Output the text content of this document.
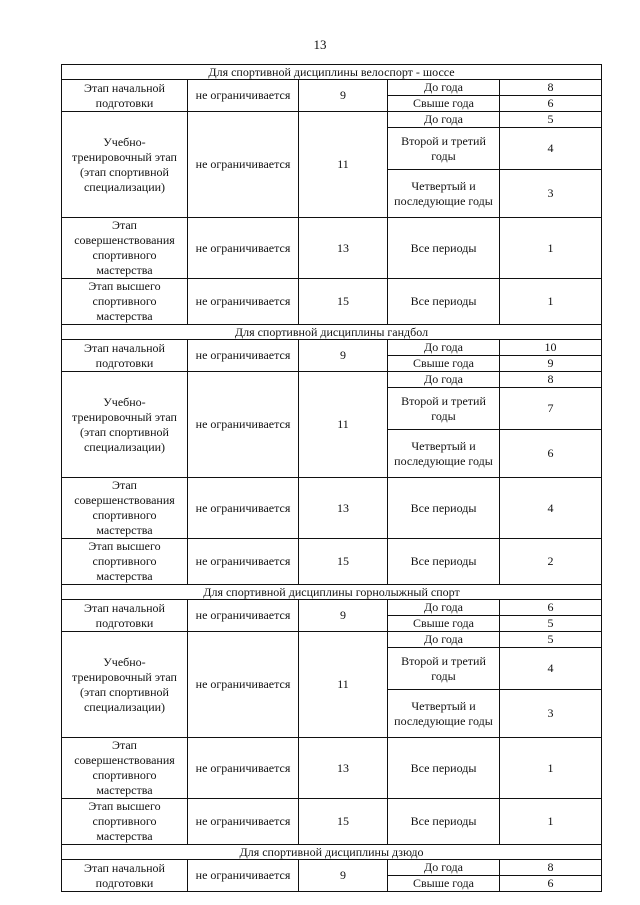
13
Для спортивной дисциплины велоспорт - шоссе				
Этап начальной подготовки	не ограничивается	9	До года	8
			Свыше года	6
Учебно-тренировочный этап (этап спортивной специализации)	не ограничивается	11	До года	5
			Второй и третий годы	4
			Четвертый и последующие годы	3
Этап совершенствования спортивного мастерства	не ограничивается	13	Все периоды	1
Этап высшего спортивного мастерства	не ограничивается	15	Все периоды	1
Для спортивной дисциплины гандбол				
Этап начальной подготовки	не ограничивается	9	До года	10
			Свыше года	9
Учебно-тренировочный этап (этап спортивной специализации)	не ограничивается	11	До года	8
			Второй и третий годы	7
			Четвертый и последующие годы	6
Этап совершенствования спортивного мастерства	не ограничивается	13	Все периоды	4
Этап высшего спортивного мастерства	не ограничивается	15	Все периоды	2
Для спортивной дисциплины горнолыжный спорт				
Этап начальной подготовки	не ограничивается	9	До года	6
			Свыше года	5
Учебно-тренировочный этап (этап спортивной специализации)	не ограничивается	11	До года	5
			Второй и третий годы	4
			Четвертый и последующие годы	3
Этап совершенствования спортивного мастерства	не ограничивается	13	Все периоды	1
Этап высшего спортивного мастерства	не ограничивается	15	Все периоды	1
Для спортивной дисциплины дзюдо				
Этап начальной подготовки	не ограничивается	9	До года	8
			Свыше года	6
